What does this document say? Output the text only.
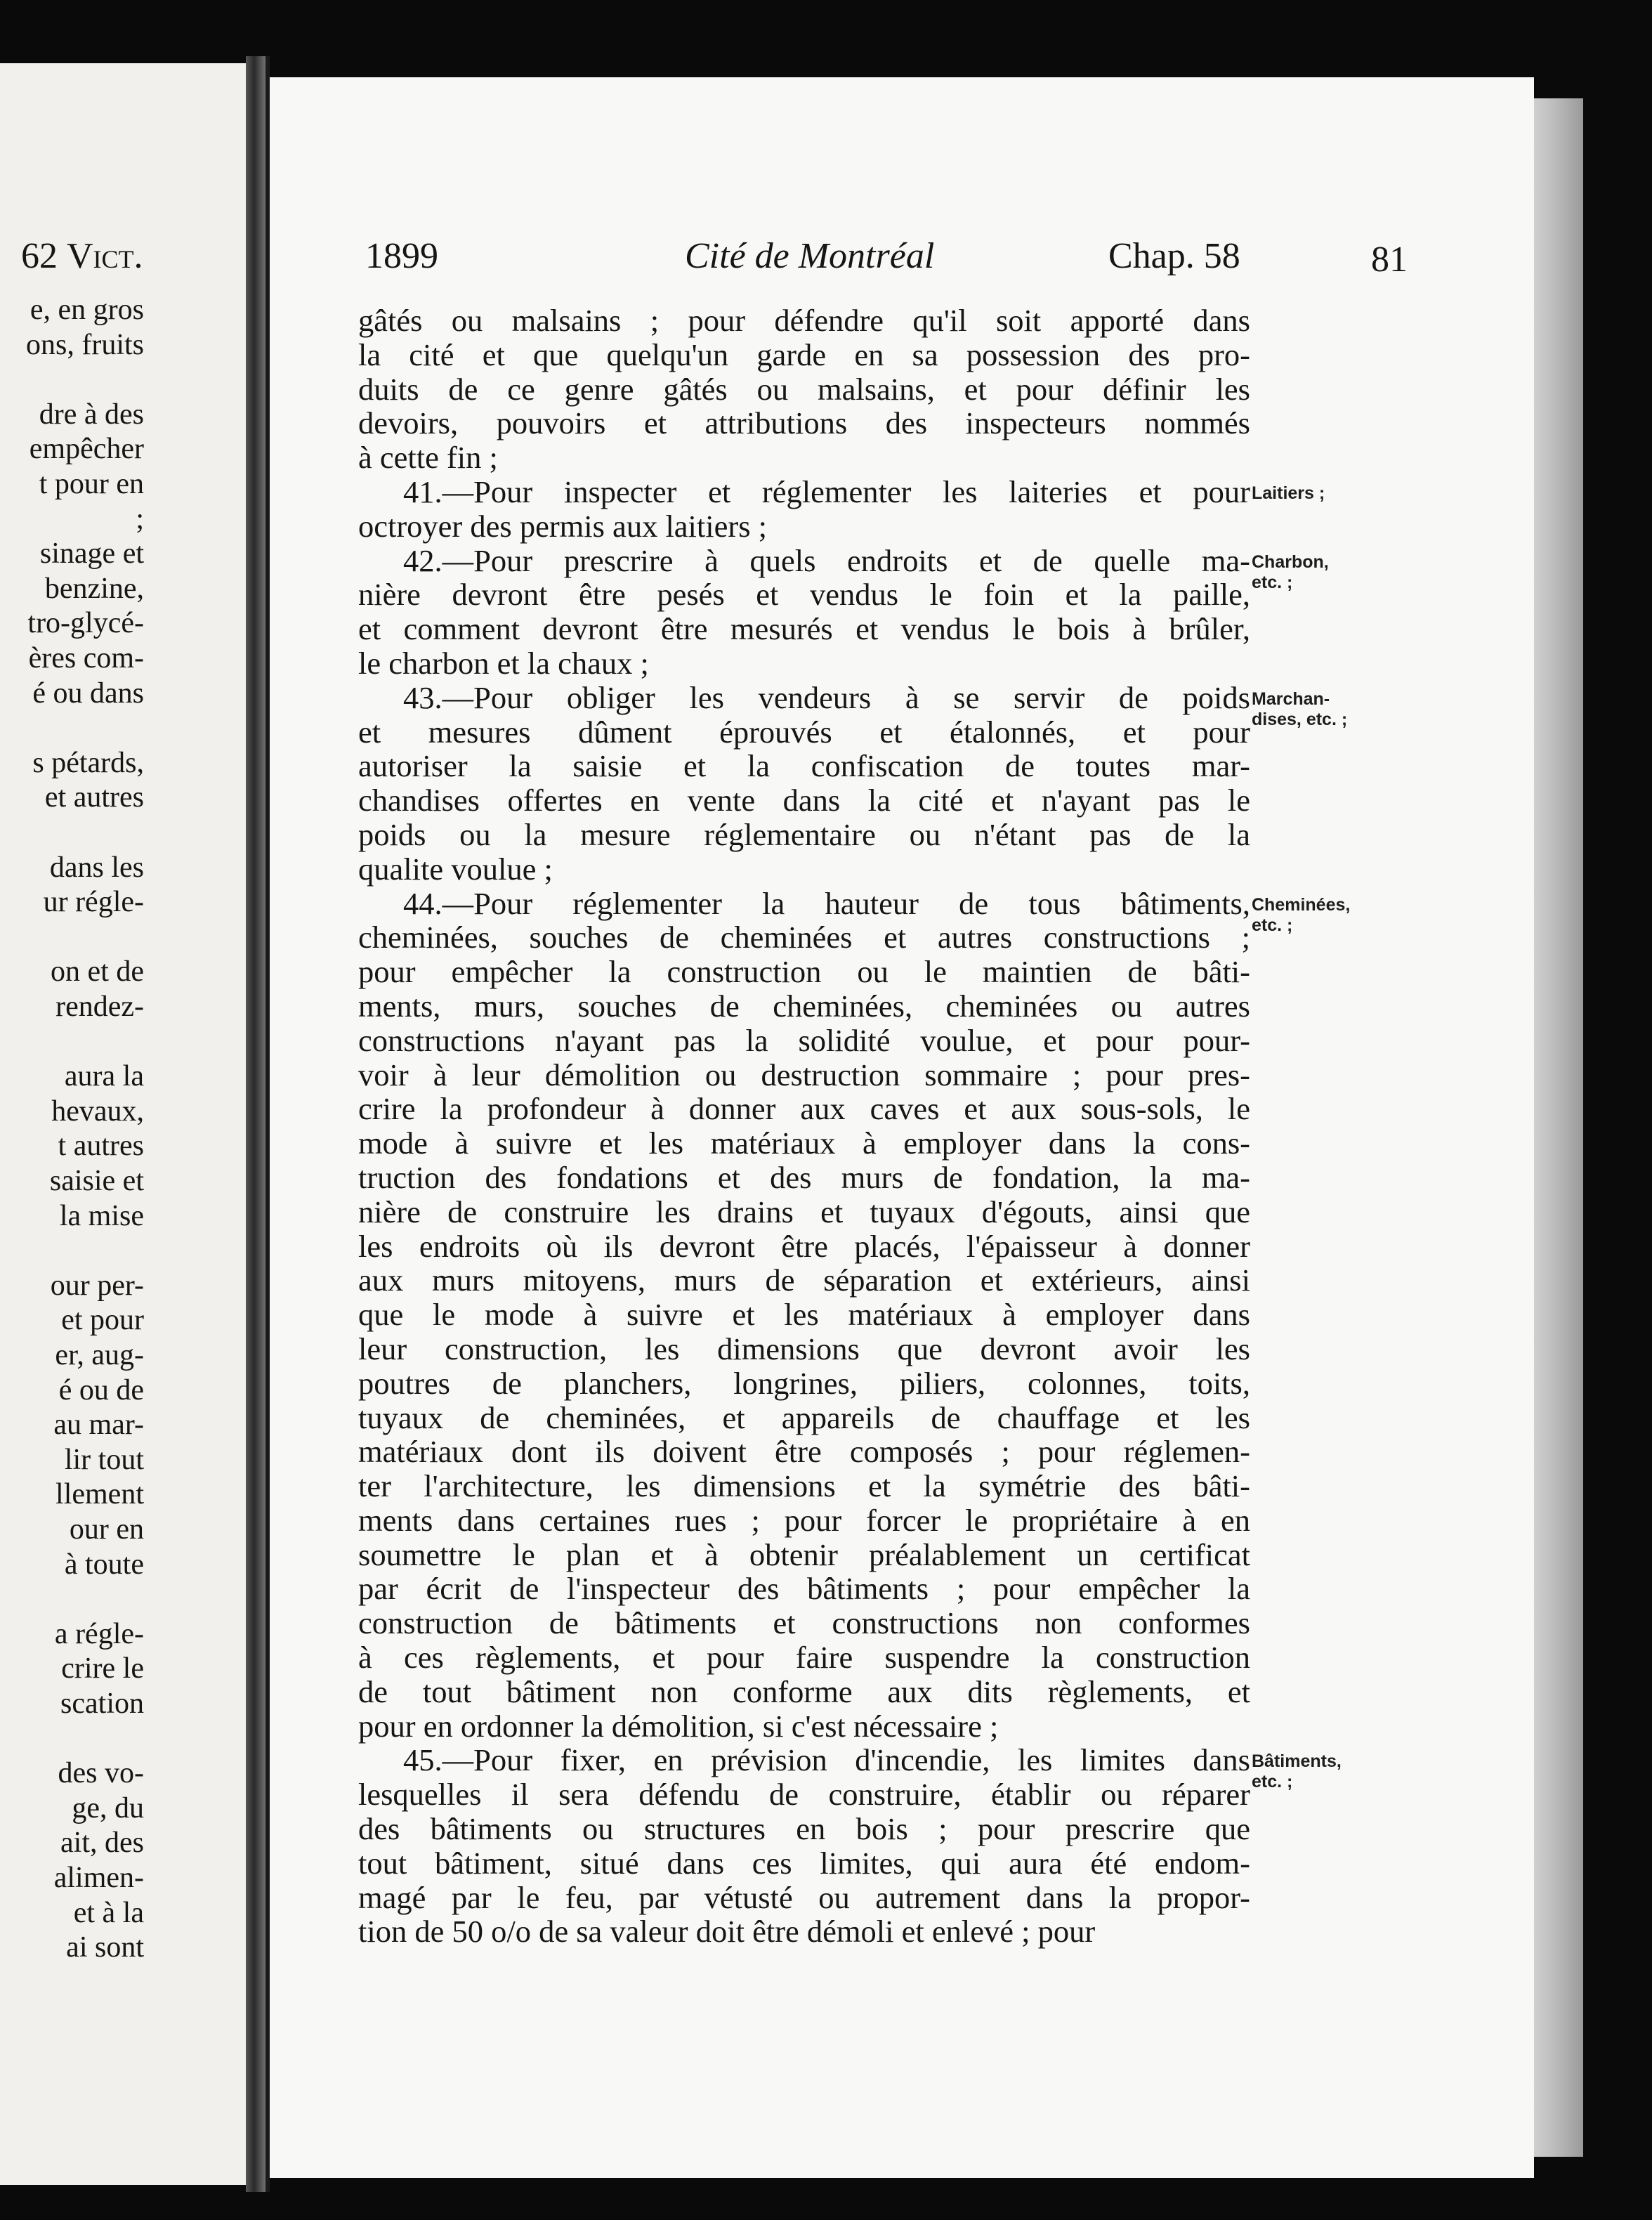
62 Vict.
e, en gros
ons, fruits
dre à des
empêcher
t pour en
;
sinage et
benzine,
tro-glycé-
ères com-
é ou dans
s pétards,
et autres
dans les
ur régle-
on et de
rendez-
aura la
hevaux,
t autres
saisie et
la mise
our per-
et pour
er, aug-
é ou de
au mar-
lir tout
llement
our en
à toute
a régle-
crire le
scation
des vo-
ge, du
ait, des
alimen-
et à la
ai sont
1899	Cité de Montréal	Chap. 58	81

gâtés ou malsains ; pour défendre qu'il soit apporté dans

la cité et que quelqu'un garde en sa possession des pro-

duits de ce genre gâtés ou malsains, et pour définir les

devoirs, pouvoirs et attributions des inspecteurs nommés

à cette fin ;

41.—Pour inspecter et réglementer les laiteries et pour

octroyer des permis aux laitiers ;

42.—Pour prescrire à quels endroits et de quelle ma-

nière devront être pesés et vendus le foin et la paille,

et comment devront être mesurés et vendus le bois à brûler,

le charbon et la chaux ;

43.—Pour obliger les vendeurs à se servir de poids

et mesures dûment éprouvés et étalonnés, et pour

autoriser la saisie et la confiscation de toutes mar-

chandises offertes en vente dans la cité et n'ayant pas le

poids ou la mesure réglementaire ou n'étant pas de la

qualite voulue ;

44.—Pour réglementer la hauteur de tous bâtiments,

cheminées, souches de cheminées et autres constructions ;

pour empêcher la construction ou le maintien de bâti-

ments, murs, souches de cheminées, cheminées ou autres

constructions n'ayant pas la solidité voulue, et pour pour-

voir à leur démolition ou destruction sommaire ; pour pres-

crire la profondeur à donner aux caves et aux sous-sols, le

mode à suivre et les matériaux à employer dans la cons-

truction des fondations et des murs de fondation, la ma-

nière de construire les drains et tuyaux d'égouts, ainsi que

les endroits où ils devront être placés, l'épaisseur à donner

aux murs mitoyens, murs de séparation et extérieurs, ainsi

que le mode à suivre et les matériaux à employer dans

leur construction, les dimensions que devront avoir les

poutres de planchers, longrines, piliers, colonnes, toits,

tuyaux de cheminées, et appareils de chauffage et les

matériaux dont ils doivent être composés ; pour réglemen-

ter l'architecture, les dimensions et la symétrie des bâti-

ments dans certaines rues ; pour forcer le propriétaire à en

soumettre le plan et à obtenir préalablement un certificat

par écrit de l'inspecteur des bâtiments ; pour empêcher la

construction de bâtiments et constructions non conformes

à ces règlements, et pour faire suspendre la construction

de tout bâtiment non conforme aux dits règlements, et

pour en ordonner la démolition, si c'est nécessaire ;

45.—Pour fixer, en prévision d'incendie, les limites dans

lesquelles il sera défendu de construire, établir ou réparer

des bâtiments ou structures en bois ; pour prescrire que

tout bâtiment, situé dans ces limites, qui aura été endom-

magé par le feu, par vétusté ou autrement dans la propor-

tion de 50 o/o de sa valeur doit être démoli et enlevé ; pour

Laitiers ;
Charbon,
etc. ;
Marchan-
dises, etc. ;
Cheminées,
etc. ;
Bâtiments,
etc. ;
